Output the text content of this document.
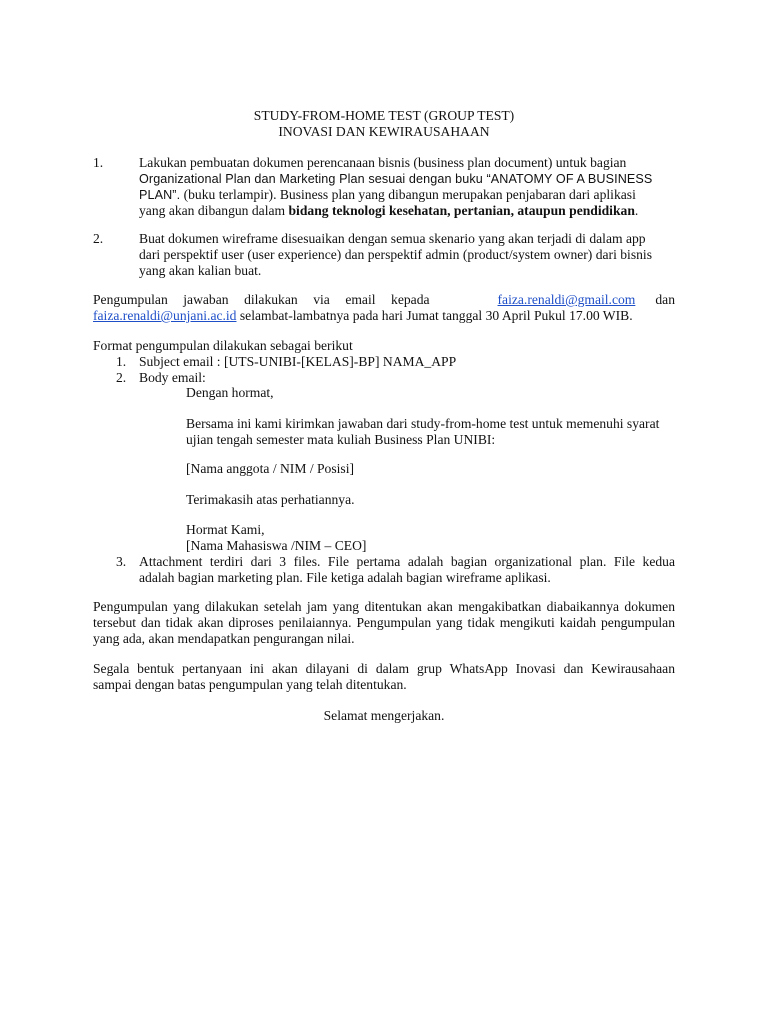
STUDY-FROM-HOME TEST (GROUP TEST)
INOVASI DAN KEWIRAUSAHAAN
1.	Lakukan pembuatan dokumen perencanaan bisnis (business plan document) untuk bagian
Organizational Plan dan Marketing Plan sesuai dengan buku “ANATOMY OF A BUSINESS
PLAN”. (buku terlampir). Business plan yang dibangun merupakan penjabaran dari aplikasi
yang akan dibangun dalam bidang teknologi kesehatan, pertanian, ataupun pendidikan.
2.	Buat dokumen wireframe disesuaikan dengan semua skenario yang akan terjadi di dalam app
dari perspektif user (user experience) dan perspektif admin (product/system owner) dari bisnis
yang akan kalian buat.
Pengumpulan jawaban dilakukan via email kepada	faiza.renaldi@gmail.com dan
faiza.renaldi@unjani.ac.id selambat-lambatnya pada hari Jumat tanggal 30 April Pukul 17.00 WIB.
Format pengumpulan dilakukan sebagai berikut
1. Subject email : [UTS-UNIBI-[KELAS]-BP] NAMA_APP
2. Body email:
Dengan hormat,
Bersama ini kami kirimkan jawaban dari study-from-home test untuk memenuhi syarat
ujian tengah semester mata kuliah Business Plan UNIBI:
[Nama anggota / NIM / Posisi]
Terimakasih atas perhatiannya.
Hormat Kami,
[Nama Mahasiswa /NIM – CEO]
3. Attachment terdiri dari 3 files. File pertama adalah bagian organizational plan. File kedua
adalah bagian marketing plan. File ketiga adalah bagian wireframe aplikasi.
Pengumpulan yang dilakukan setelah jam yang ditentukan akan mengakibatkan diabaikannya dokumen
tersebut dan tidak akan diproses penilaiannya. Pengumpulan yang tidak mengikuti kaidah pengumpulan
yang ada, akan mendapatkan pengurangan nilai.
Segala bentuk pertanyaan ini akan dilayani di dalam grup WhatsApp Inovasi dan Kewirausahaan
sampai dengan batas pengumpulan yang telah ditentukan.
Selamat mengerjakan.
